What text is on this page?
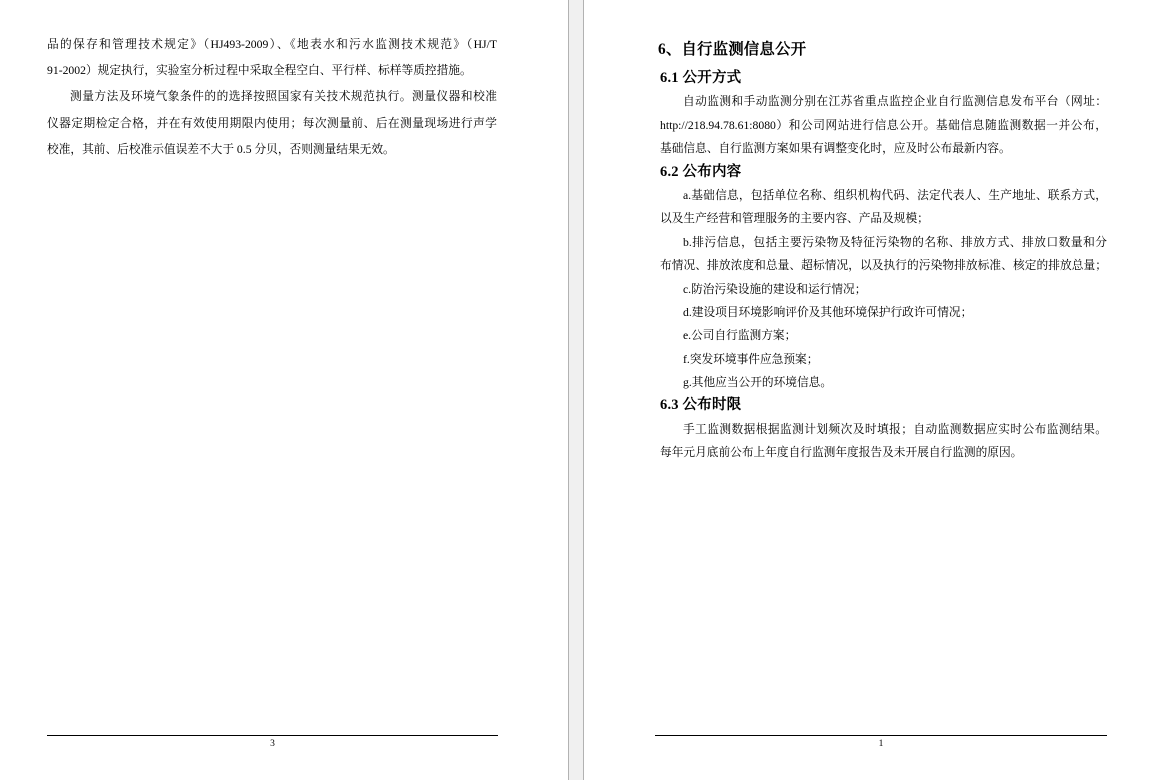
品的保存和管理技术规定》（HJ493-2009）、《地表水和污水监测技术规范》（HJ/T
91-2002）规定执行，实验室分析过程中采取全程空白、平行样、标样等质控措施。
测量方法及环境气象条件的的选择按照国家有关技术规范执行。测量仪器和校准
仪器定期检定合格，并在有效使用期限内使用；每次测量前、后在测量现场进行声学
校准，其前、后校准示值误差不大于 0.5 分贝，否则测量结果无效。
3
6、自行监测信息公开
6.1 公开方式
自动监测和手动监测分别在江苏省重点监控企业自行监测信息发布平台（网址：
http://218.94.78.61:8080）和公司网站进行信息公开。基础信息随监测数据一并公布，
基础信息、自行监测方案如果有调整变化时，应及时公布最新内容。
6.2 公布内容
a.基础信息，包括单位名称、组织机构代码、法定代表人、生产地址、联系方式，
以及生产经营和管理服务的主要内容、产品及规模；
b.排污信息，包括主要污染物及特征污染物的名称、排放方式、排放口数量和分
布情况、排放浓度和总量、超标情况，以及执行的污染物排放标准、核定的排放总量；
c.防治污染设施的建设和运行情况；
d.建设项目环境影响评价及其他环境保护行政许可情况；
e.公司自行监测方案；
f.突发环境事件应急预案；
g.其他应当公开的环境信息。
6.3 公布时限
手工监测数据根据监测计划频次及时填报；自动监测数据应实时公布监测结果。
每年元月底前公布上年度自行监测年度报告及未开展自行监测的原因。
1
